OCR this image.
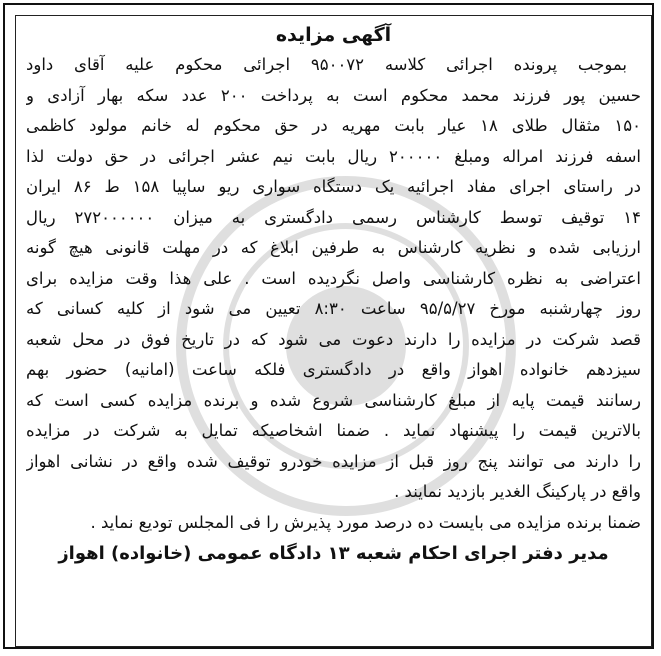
آگهی مزایده
بموجب پرونده اجرائی کلاسه ۹۵۰۰۷۲ اجرائی محکوم علیه آقای داود
حسین پور فرزند محمد محکوم است به پرداخت ۲۰۰ عدد سکه بهار آزادی و
۱۵۰ مثقال طلای ۱۸ عیار بابت مهریه در حق محکوم له خانم مولود کاظمی
اسفه فرزند امراله ومبلغ ۲۰۰۰۰۰ ریال بابت نیم عشر اجرائی در حق دولت لذا
در راستای اجرای مفاد اجرائیه یک دستگاه سواری ریو ساپیا ۱۵۸ ط ۸۶ ایران
۱۴ توقیف توسط کارشناس رسمی دادگستری به میزان ۲۷۲۰۰۰۰۰۰ ریال
ارزیابی شده و نظریه کارشناس به طرفین ابلاغ که در مهلت قانونی هیچ گونه
اعتراضی به نظره کارشناسی واصل نگردیده است . علی هذا وقت مزایده برای
روز چهارشنبه مورخ ۹۵/۵/۲۷ ساعت ۸:۳۰ تعیین می شود از کلیه کسانی که
قصد شرکت در مزایده را دارند دعوت می شود که در تاریخ فوق در محل شعبه
سیزدهم خانواده اهواز واقع در دادگستری فلکه ساعت (امانیه) حضور بهم
رسانند قیمت پایه از مبلغ کارشناسی شروع شده و برنده مزایده کسی است که
بالاترین قیمت را پیشنهاد نماید . ضمنا اشخاصیکه تمایل به شرکت در مزایده
را دارند می توانند پنج روز قبل از مزایده خودرو توقیف شده واقع در نشانی اهواز
واقع در پارکینگ الغدیر بازدید نمایند .
ضمنا برنده مزایده می بایست ده درصد مورد پذیرش را فی المجلس توديع نماید .
مدیر دفتر اجرای احکام شعبه ۱۳ دادگاه عمومی (خانواده) اهواز
